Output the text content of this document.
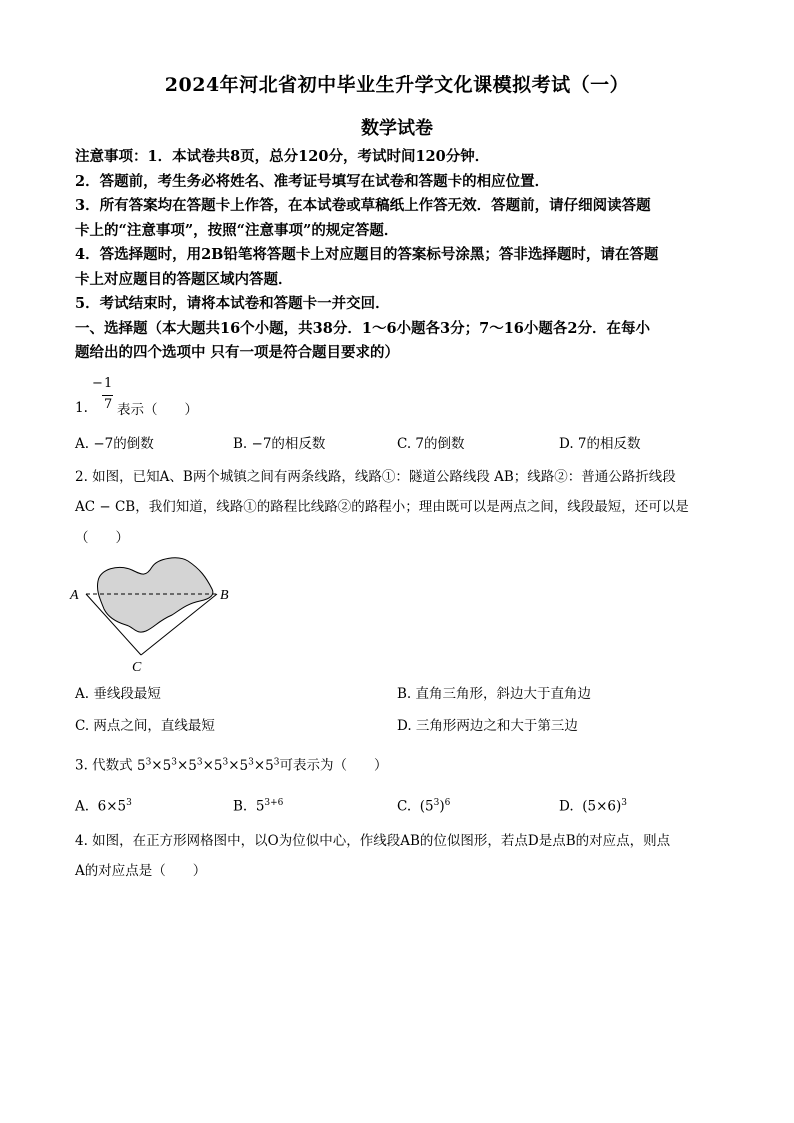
2024年河北省初中毕业生升学文化课模拟考试（一）
数学试卷
注意事项：1．本试卷共8页，总分120分，考试时间120分钟．
2．答题前，考生务必将姓名、准考证号填写在试卷和答题卡的相应位置．
3．所有答案均在答题卡上作答，在本试卷或草稿纸上作答无效．答题前，请仔细阅读答题
卡上的“注意事项”，按照“注意事项”的规定答题．
4．答选择题时，用2B铅笔将答题卡上对应题目的答案标号涂黑；答非选择题时，请在答题
卡上对应题目的答题区域内答题．
5．考试结束时，请将本试卷和答题卡一并交回．
一、选择题（本大题共16个小题，共38分．1～6小题各3分；7～16小题各2分．在每小
题给出的四个选项中 只有一项是符合题目要求的）
1.
− 1
7 表示（　　）
A. −7的倒数	B. −7的相反数	C. 7的倒数	D. 7的相反数
2. 如图，已知A、B两个城镇之间有两条线路，线路①：隧道公路线段 AB；线路②：普通公路折线段
AC − CB，我们知道，线路①的路程比线路②的路程小；理由既可以是两点之间，线段最短，还可以是
（　　）
A	B
C
A. 垂线段最短	B. 直角三角形，斜边大于直角边
C. 两点之间，直线最短	D. 三角形两边之和大于第三边
3. 代数式 $5^3\times 5^3\times 5^3\times 5^3\times 5^3\times 5^3$可表示为（　　）
A. $6\times 5^3$	B. $5^{3+6}$	C. $(5^3)^6$	D. $(5\times 6)^3$
4. 如图，在正方形网格图中，以O为位似中心，作线段AB的位似图形，若点D是点B的对应点，则点
A的对应点是（　　）
